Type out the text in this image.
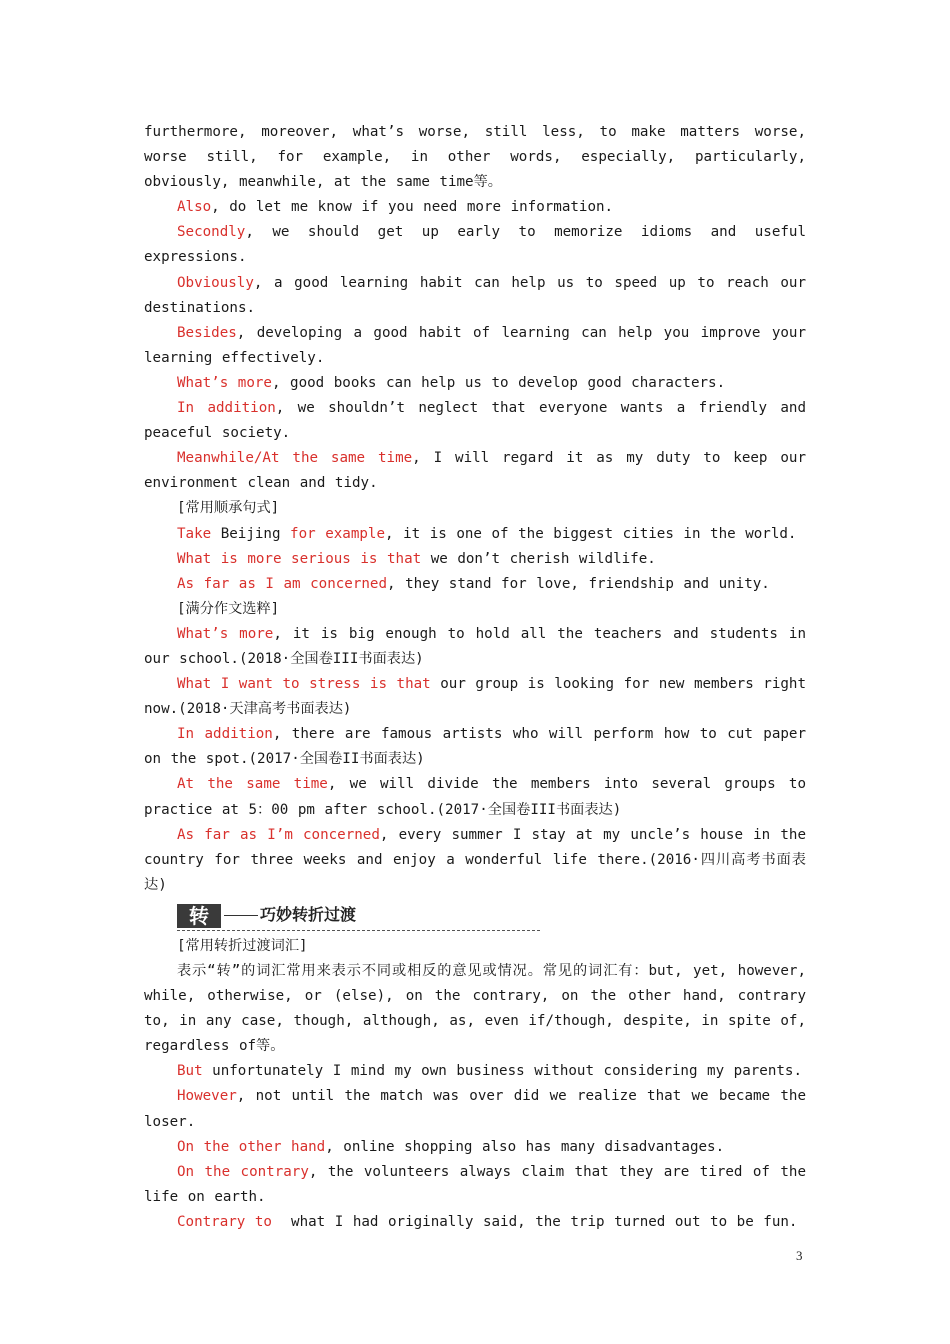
furthermore, moreover, what’s worse, still less, to make matters worse, worse still, for example, in other words, especially, particularly, obviously, meanwhile, at the same time等。

Also, do let me know if you need more information.

Secondly, we should get up early to memorize idioms and useful expressions.

Obviously, a good learning habit can help us to speed up to reach our destinations.

Besides, developing a good habit of learning can help you improve your learning effectively.

What’s more, good books can help us to develop good characters.

In addition, we shouldn’t neglect that everyone wants a friendly and peaceful society.

Meanwhile/At the same time, I will regard it as my duty to keep our environment clean and tidy.

[常用顺承句式]

Take Beijing for example, it is one of the biggest cities in the world.

What is more serious is that we don’t cherish wildlife.

As far as I am concerned, they stand for love, friendship and unity.

[满分作文选粹]

What’s more, it is big enough to hold all the teachers and students in our school.(2018·全国卷III书面表达)

What I want to stress is that our group is looking for new members right now.(2018·天津高考书面表达)

In addition, there are famous artists who will perform how to cut paper on the spot.(2017·全国卷II书面表达)

At the same time, we will divide the members into several groups to practice at 5：00 pm after school.(2017·全国卷III书面表达)

As far as I’m concerned, every summer I stay at my uncle’s house in the country for three weeks and enjoy a wonderful life there.(2016·四川高考书面表达)

转	巧妙转折过渡

[常用转折过渡词汇]

表示“转”的词汇常用来表示不同或相反的意见或情况。常见的词汇有：but, yet, however, while, otherwise, or (else), on the contrary, on the other hand, contrary to, in any case, though, although, as, even if/though, despite, in spite of, regardless of等。

But unfortunately I mind my own business without considering my parents.

However, not until the match was over did we realize that we became the loser.

On the other hand, online shopping also has many disadvantages.

On the contrary, the volunteers always claim that they are tired of the life on earth.

Contrary to  what I had originally said, the trip turned out to be fun.

3
